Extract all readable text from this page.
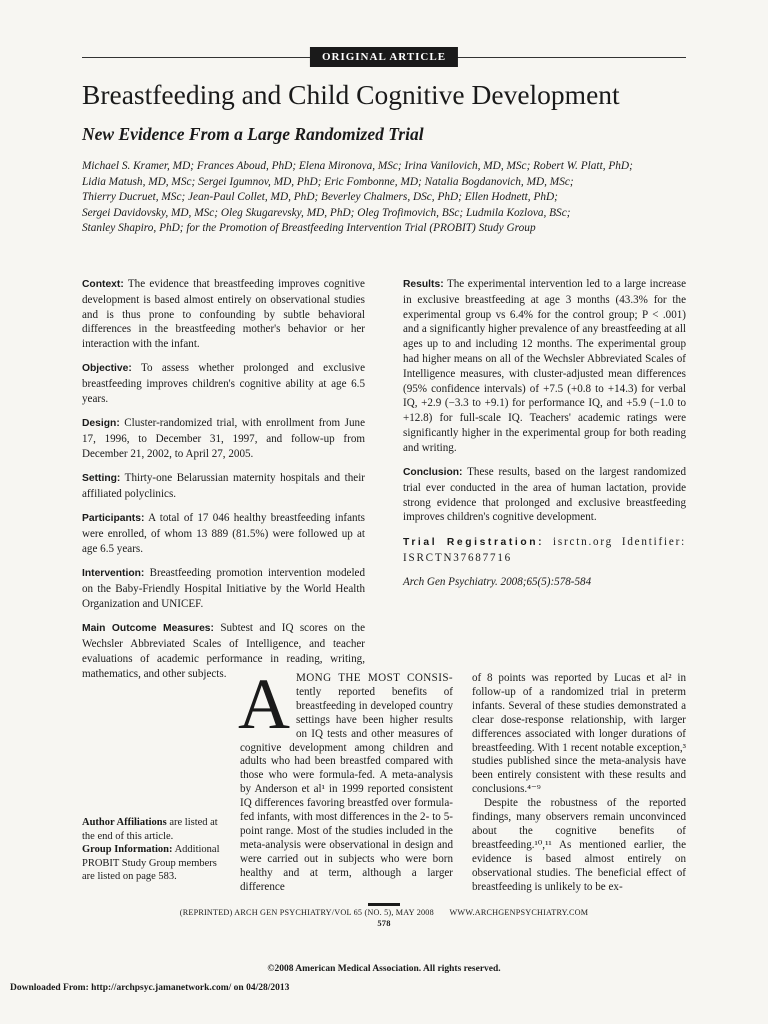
ORIGINAL ARTICLE
Breastfeeding and Child Cognitive Development
New Evidence From a Large Randomized Trial
Michael S. Kramer, MD; Frances Aboud, PhD; Elena Mironova, MSc; Irina Vanilovich, MD, MSc; Robert W. Platt, PhD;
Lidia Matush, MD, MSc; Sergei Igumnov, MD, PhD; Eric Fombonne, MD; Natalia Bogdanovich, MD, MSc;
Thierry Ducruet, MSc; Jean-Paul Collet, MD, PhD; Beverley Chalmers, DSc, PhD; Ellen Hodnett, PhD;
Sergei Davidovsky, MD, MSc; Oleg Skugarevsky, MD, PhD; Oleg Trofimovich, BSc; Ludmila Kozlova, BSc;
Stanley Shapiro, PhD; for the Promotion of Breastfeeding Intervention Trial (PROBIT) Study Group

Context: The evidence that breastfeeding improves cognitive development is based almost entirely on observational studies and is thus prone to confounding by subtle behavioral differences in the breastfeeding mother's behavior or her interaction with the infant.

Objective: To assess whether prolonged and exclusive breastfeeding improves children's cognitive ability at age 6.5 years.

Design: Cluster-randomized trial, with enrollment from June 17, 1996, to December 31, 1997, and follow-up from December 21, 2002, to April 27, 2005.

Setting: Thirty-one Belarussian maternity hospitals and their affiliated polyclinics.

Participants: A total of 17 046 healthy breastfeeding infants were enrolled, of whom 13 889 (81.5%) were followed up at age 6.5 years.

Intervention: Breastfeeding promotion intervention modeled on the Baby-Friendly Hospital Initiative by the World Health Organization and UNICEF.

Main Outcome Measures: Subtest and IQ scores on the Wechsler Abbreviated Scales of Intelligence, and teacher evaluations of academic performance in reading, writing, mathematics, and other subjects.

Results: The experimental intervention led to a large increase in exclusive breastfeeding at age 3 months (43.3% for the experimental group vs 6.4% for the control group; P < .001) and a significantly higher prevalence of any breastfeeding at all ages up to and including 12 months. The experimental group had higher means on all of the Wechsler Abbreviated Scales of Intelligence measures, with cluster-adjusted mean differences (95% confidence intervals) of +7.5 (+0.8 to +14.3) for verbal IQ, +2.9 (−3.3 to +9.1) for performance IQ, and +5.9 (−1.0 to +12.8) for full-scale IQ. Teachers' academic ratings were significantly higher in the experimental group for both reading and writing.

Conclusion: These results, based on the largest randomized trial ever conducted in the area of human lactation, provide strong evidence that prolonged and exclusive breastfeeding improves children's cognitive development.

Trial Registration: isrctn.org Identifier: ISRCTN37687716

Arch Gen Psychiatry. 2008;65(5):578-584

Author Affiliations are listed at the end of this article.
Group Information: Additional PROBIT Study Group members are listed on page 583.
AMONG THE MOST CONSIS- tently reported benefits of breastfeeding in developed country settings have been higher results on IQ tests and other measures of cognitive development among children and adults who had been breastfed compared with those who were formula-fed. A meta-analysis by Anderson et al¹ in 1999 reported consistent IQ differences favoring breastfed over formula-fed infants, with most differences in the 2- to 5-point range. Most of the studies included in the meta-analysis were observational in design and were carried out in subjects who were born healthy and at term, although a larger difference

of 8 points was reported by Lucas et al² in follow-up of a randomized trial in preterm infants. Several of these studies demonstrated a clear dose-response relationship, with larger differences associated with longer durations of breastfeeding. With 1 recent notable exception,³ studies published since the meta-analysis have been entirely consistent with these results and conclusions.⁴⁻⁹

Despite the robustness of the reported findings, many observers remain unconvinced about the cognitive benefits of breastfeeding.¹⁰,¹¹ As mentioned earlier, the evidence is based almost entirely on observational studies. The beneficial effect of breastfeeding is unlikely to be ex-

(REPRINTED) ARCH GEN PSYCHIATRY/VOL 65 (NO. 5), MAY 2008       WWW.ARCHGENPSYCHIATRY.COM
578
©2008 American Medical Association. All rights reserved.
Downloaded From: http://archpsyc.jamanetwork.com/ on 04/28/2013
